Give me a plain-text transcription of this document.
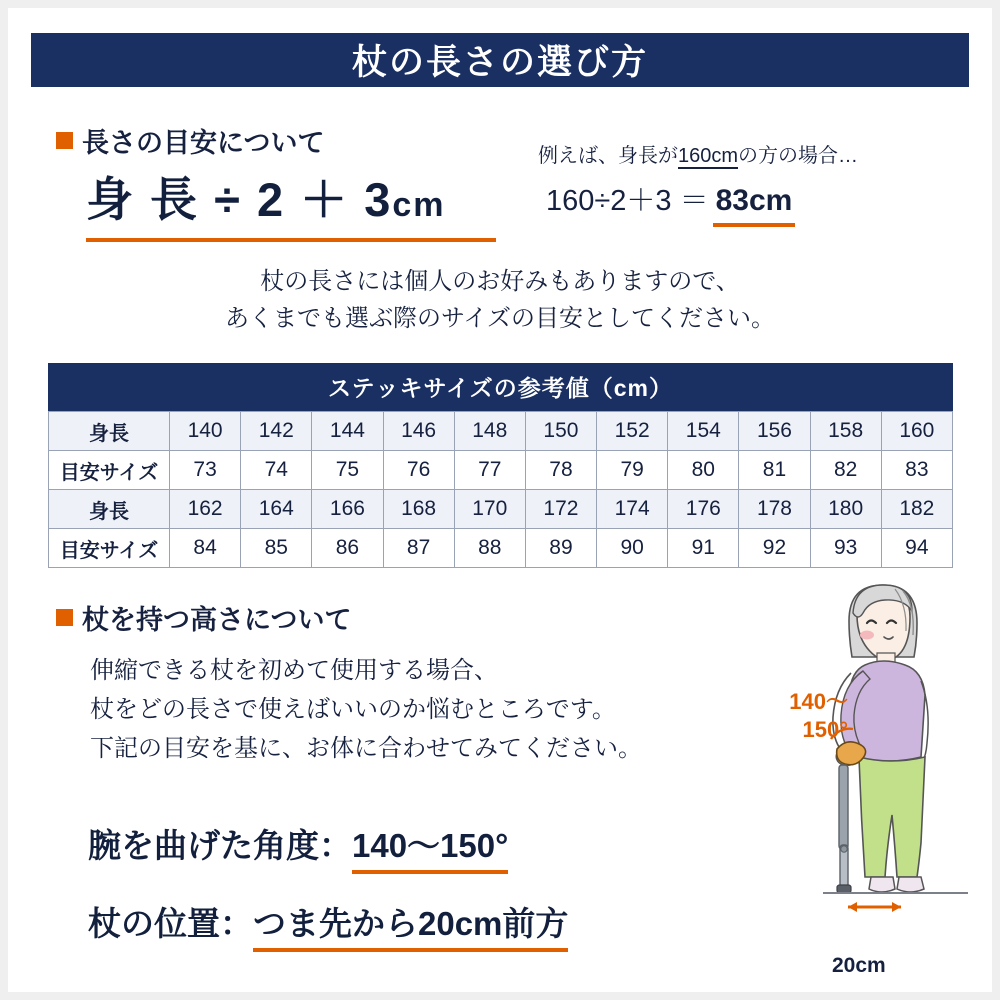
杖の長さの選び方
長さの目安について
身 長 ÷ 2 ＋ 3cm
例えば、身長が160cmの方の場合…
160÷2＋3 ＝ 83cm
杖の長さには個人のお好みもありますので、
あくまでも選ぶ際のサイズの目安としてください。
ステッキサイズの参考値（cm）
身長	140	142	144	146	148	150	152	154	156	158	160
目安サイズ	73	74	75	76	77	78	79	80	81	82	83
身長	162	164	166	168	170	172	174	176	178	180	182
目安サイズ	84	85	86	87	88	89	90	91	92	93	94
杖を持つ高さについて
伸縮できる杖を初めて使用する場合、
杖をどの長さで使えばいいのか悩むところです。
下記の目安を基に、お体に合わせてみてください。
腕を曲げた角度：140〜150°
杖の位置：つま先から20cm前方
140〜
150°
20cm
